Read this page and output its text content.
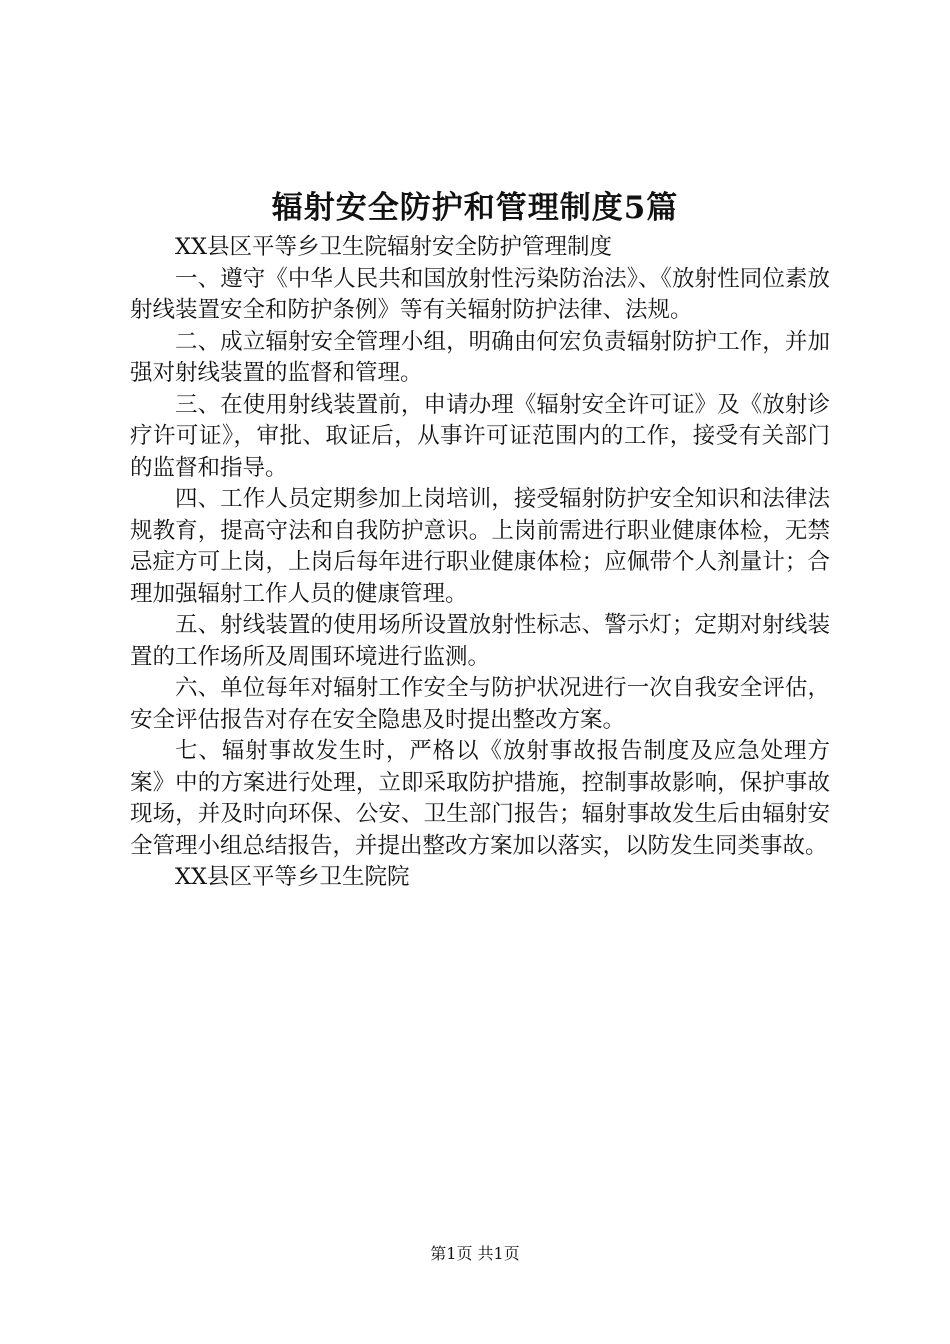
辐射安全防护和管理制度5篇

XX县区平等乡卫生院辐射安全防护管理制度

一、遵守《中华人民共和国放射性污染防治法》、《放射性同位素放射线装置安全和防护条例》等有关辐射防护法律、法规。

二、成立辐射安全管理小组，明确由何宏负责辐射防护工作，并加强对射线装置的监督和管理。

三、在使用射线装置前，申请办理《辐射安全许可证》及《放射诊疗许可证》，审批、取证后，从事许可证范围内的工作，接受有关部门的监督和指导。

四、工作人员定期参加上岗培训，接受辐射防护安全知识和法律法规教育，提高守法和自我防护意识。上岗前需进行职业健康体检，无禁忌症方可上岗，上岗后每年进行职业健康体检；应佩带个人剂量计；合理加强辐射工作人员的健康管理。

五、射线装置的使用场所设置放射性标志、警示灯；定期对射线装置的工作场所及周围环境进行监测。

六、单位每年对辐射工作安全与防护状况进行一次自我安全评估，安全评估报告对存在安全隐患及时提出整改方案。

七、辐射事故发生时，严格以《放射事故报告制度及应急处理方案》中的方案进行处理，立即采取防护措施，控制事故影响，保护事故现场，并及时向环保、公安、卫生部门报告；辐射事故发生后由辐射安全管理小组总结报告，并提出整改方案加以落实，以防发生同类事故。

XX县区平等乡卫生院院

第1页 共1页
